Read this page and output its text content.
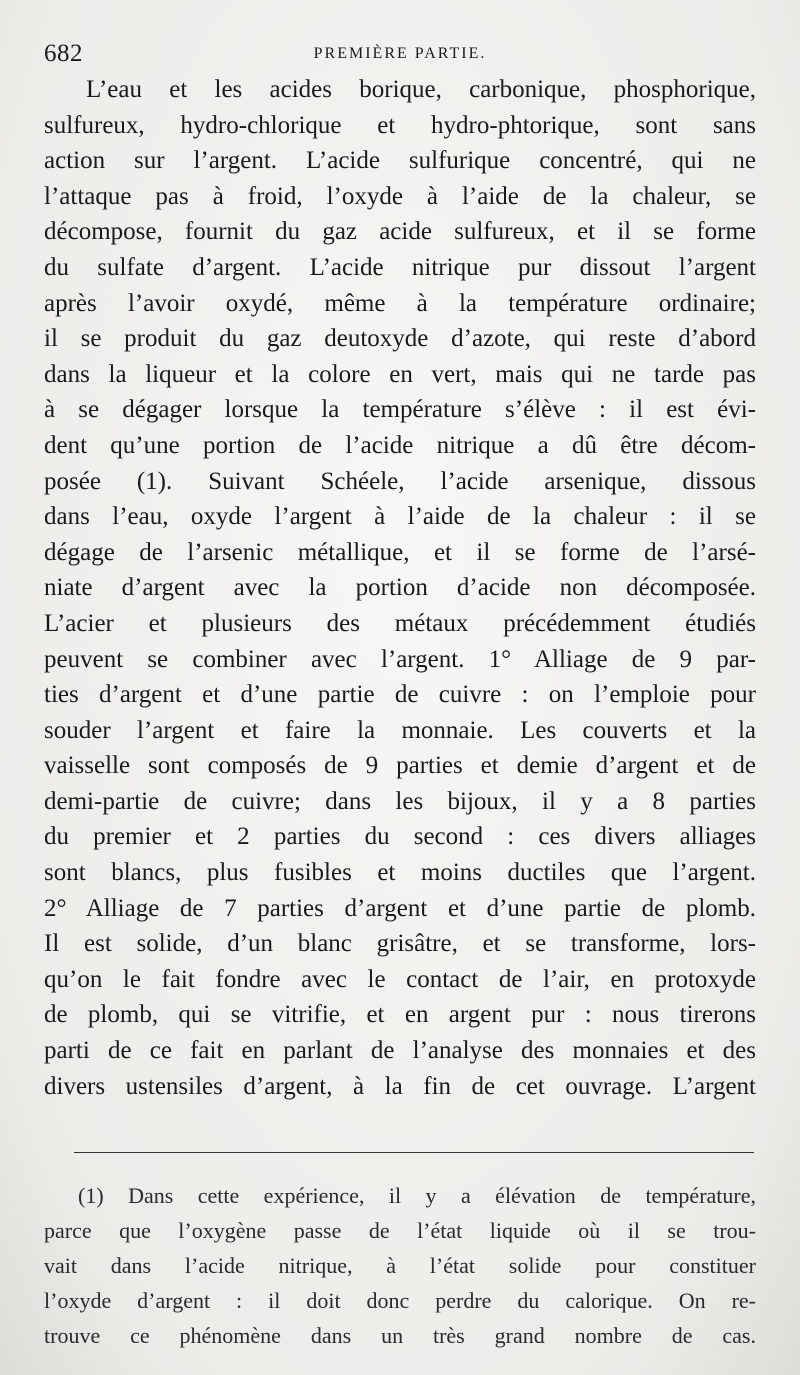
682	PREMIÈRE PARTIE.
L’eau et les acides borique, carbonique, phosphorique,
sulfureux, hydro-chlorique et hydro-phtorique, sont sans
action sur l’argent. L’acide sulfurique concentré, qui ne
l’attaque pas à froid, l’oxyde à l’aide de la chaleur, se
décompose, fournit du gaz acide sulfureux, et il se forme
du sulfate d’argent. L’acide nitrique pur dissout l’argent
après l’avoir oxydé, même à la température ordinaire;
il se produit du gaz deutoxyde d’azote, qui reste d’abord
dans la liqueur et la colore en vert, mais qui ne tarde pas
à se dégager lorsque la température s’élève : il est évi-
dent qu’une portion de l’acide nitrique a dû être décom-
posée (1). Suivant Schéele, l’acide arsenique, dissous
dans l’eau, oxyde l’argent à l’aide de la chaleur : il se
dégage de l’arsenic métallique, et il se forme de l’arsé-
niate d’argent avec la portion d’acide non décomposée.
L’acier et plusieurs des métaux précédemment étudiés
peuvent se combiner avec l’argent. 1° Alliage de 9 par-
ties d’argent et d’une partie de cuivre : on l’emploie pour
souder l’argent et faire la monnaie. Les couverts et la
vaisselle sont composés de 9 parties et demie d’argent et de
demi-partie de cuivre; dans les bijoux, il y a 8 parties
du premier et 2 parties du second : ces divers alliages
sont blancs, plus fusibles et moins ductiles que l’argent.
2° Alliage de 7 parties d’argent et d’une partie de plomb.
Il est solide, d’un blanc grisâtre, et se transforme, lors-
qu’on le fait fondre avec le contact de l’air, en protoxyde
de plomb, qui se vitrifie, et en argent pur : nous tirerons
parti de ce fait en parlant de l’analyse des monnaies et des
divers ustensiles d’argent, à la fin de cet ouvrage. L’argent
(1) Dans cette expérience, il y a élévation de température,
parce que l’oxygène passe de l’état liquide où il se trou-
vait dans l’acide nitrique, à l’état solide pour constituer
l’oxyde d’argent : il doit donc perdre du calorique. On re-
trouve ce phénomène dans un très grand nombre de cas.
